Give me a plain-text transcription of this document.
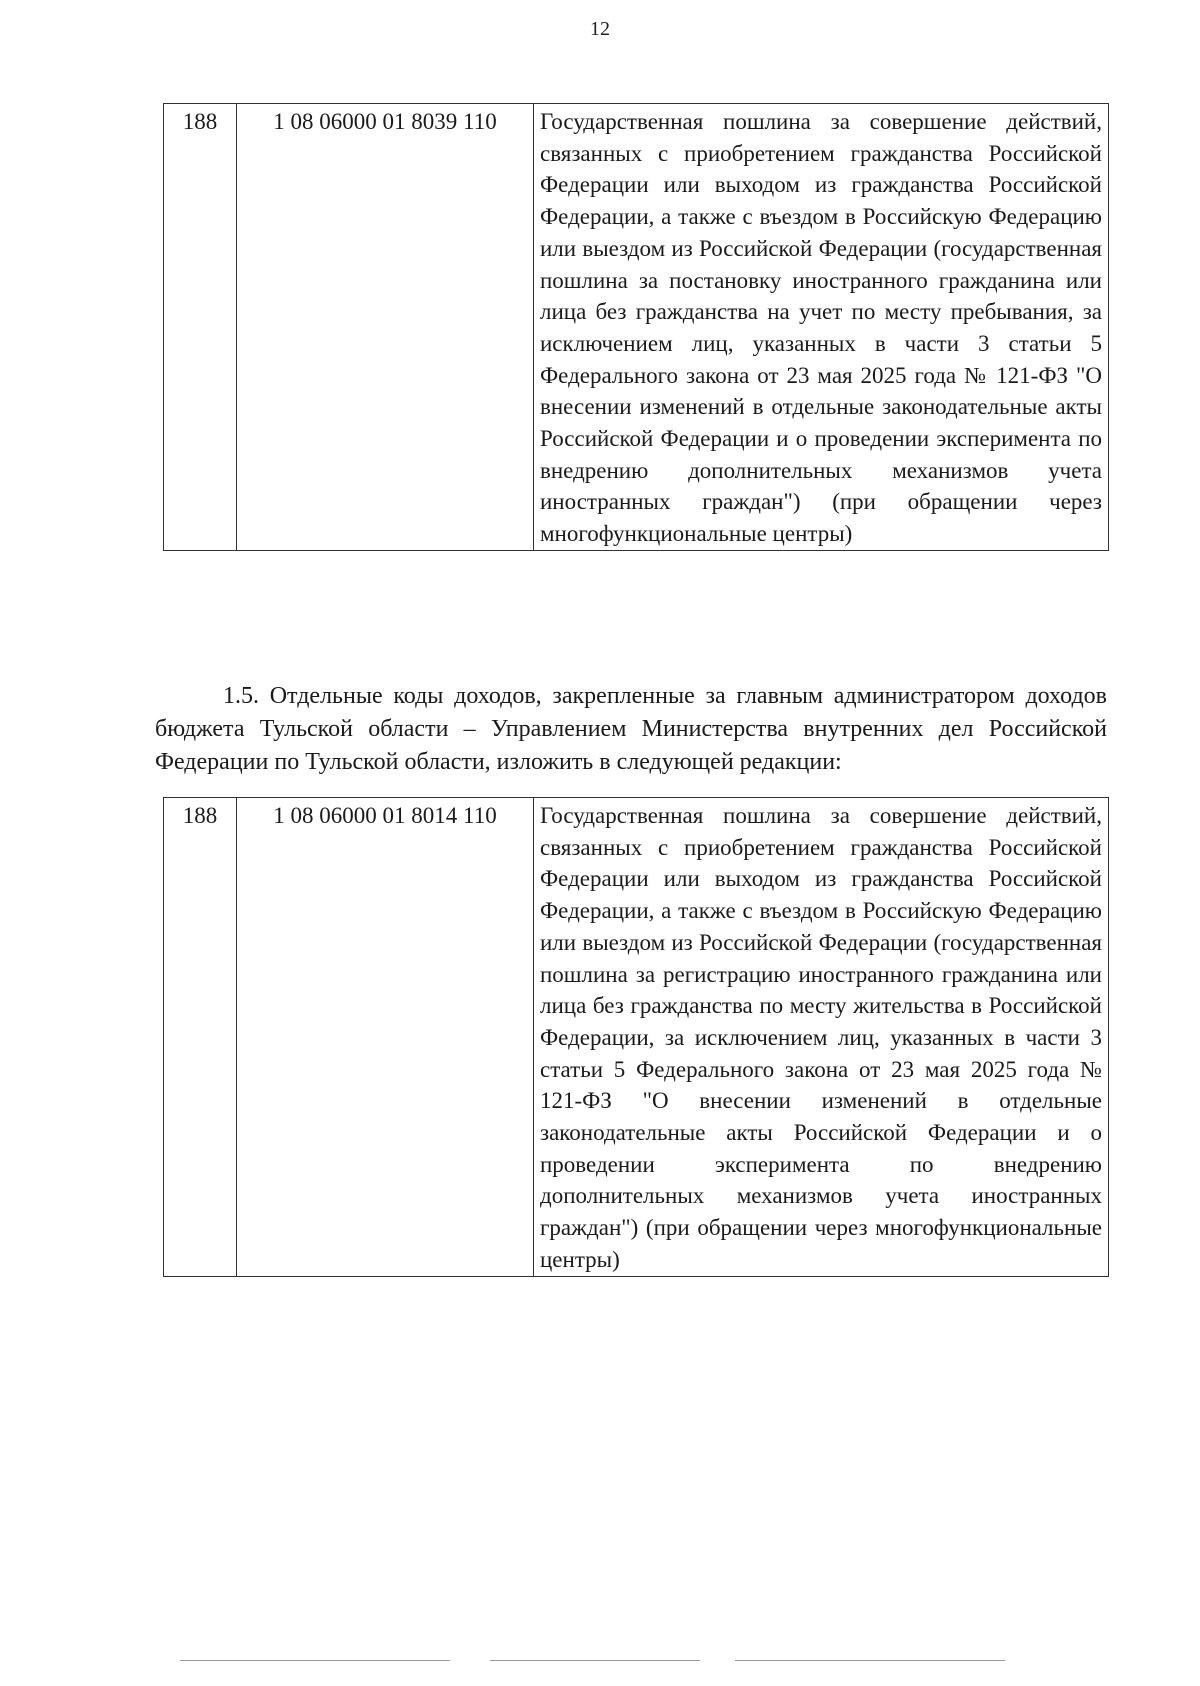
12
188	1 08 06000 01 8039 110	Государственная пошлина за совершение действий, связанных с приобретением гражданства Российской Федерации или выходом из гражданства Российской Федерации, а также с въездом в Российскую Федерацию или выездом из Российской Федерации (государственная пошлина за постановку иностранного гражданина или лица без гражданства на учет по месту пребывания, за исключением лиц, указанных в части 3 статьи 5 Федерального закона от 23 мая 2025 года № 121-ФЗ "О внесении изменений в отдельные законодательные акты Российской Федерации и о проведении эксперимента по внедрению дополнительных механизмов учета иностранных граждан") (при обращении через многофункциональные центры)

1.5. Отдельные коды доходов, закрепленные за главным администратором доходов бюджета Тульской области – Управлением Министерства внутренних дел Российской Федерации по Тульской области, изложить в следующей редакции:

188	1 08 06000 01 8014 110	Государственная пошлина за совершение действий, связанных с приобретением гражданства Российской Федерации или выходом из гражданства Российской Федерации, а также с въездом в Российскую Федерацию или выездом из Российской Федерации (государственная пошлина за регистрацию иностранного гражданина или лица без гражданства по месту жительства в Российской Федерации, за исключением лиц, указанных в части 3 статьи 5 Федерального закона от 23 мая 2025 года № 121-ФЗ "О внесении изменений в отдельные законодательные акты Российской Федерации и о проведении эксперимента по внедрению дополнительных механизмов учета иностранных граждан") (при обращении через многофункциональные центры)
